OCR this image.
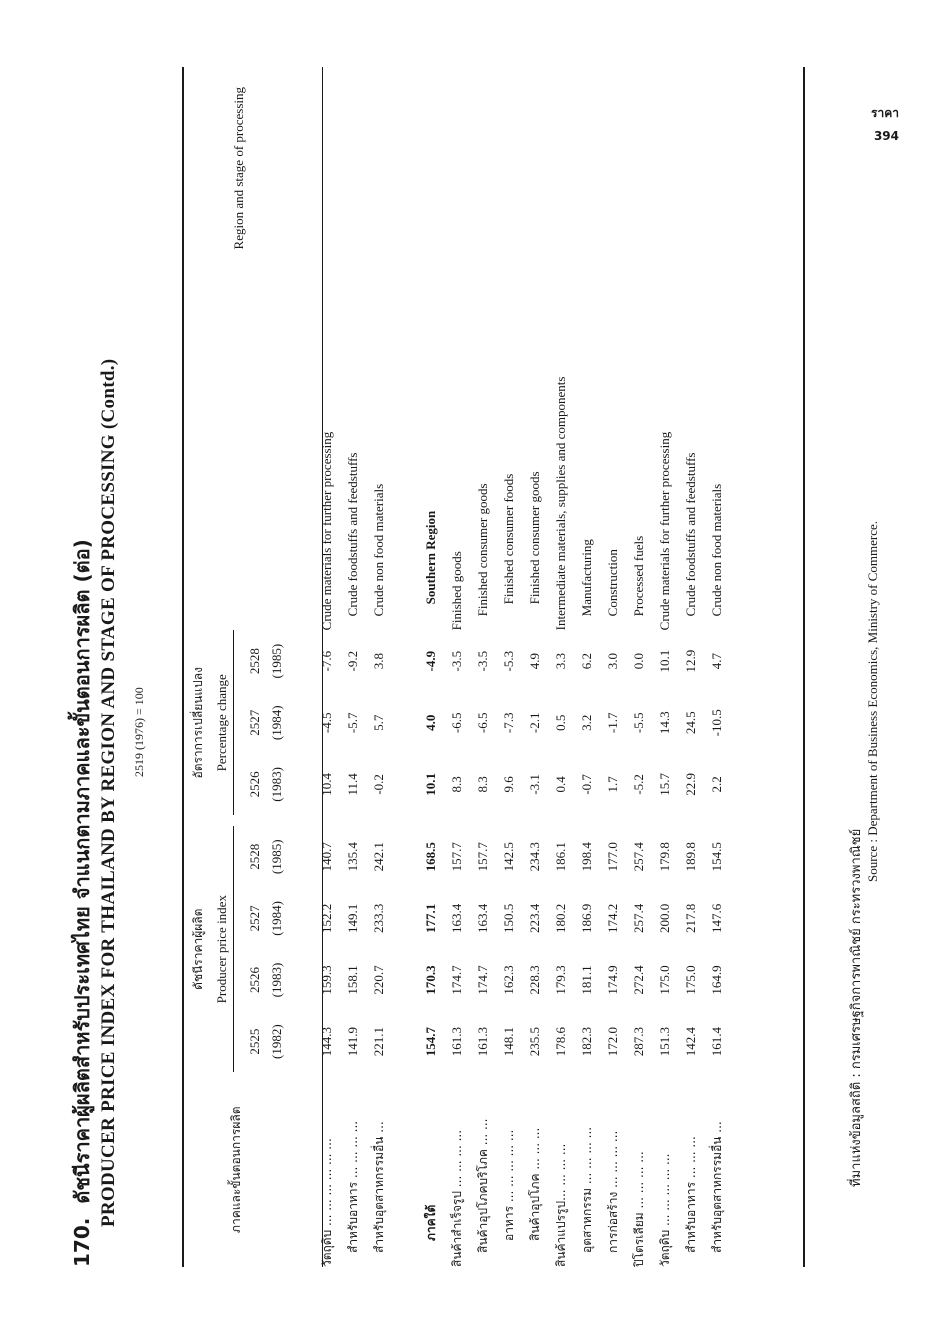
ราคา
394
170.ดัชนีราคาผู้ผลิตสำหรับประเทศไทย จำแนกตามภาคและขั้นตอนการผลิต (ต่อ) PRODUCER PRICE INDEX FOR THAILAND BY REGION AND STAGE OF PROCESSING (Contd.) 2519 (1976) = 100
ภาคและขั้นตอนการผลิต	ดัชนีราคาผู้ผลิต					อัตราการเปลี่ยนแปลง			Region and stage of processing
	Producer price index					Percentage change			

	2525	2526	2527	2528		2526	2527	2528	
	(1982)	(1983)	(1984)	(1985)		(1983)	(1984)	(1985)	

วัตถุดิบ ... ... ... ... ... ...	144.3	159.3	152.2	140.7		10.4	-4.5	-7.6	Crude materials for further processing
สำหรับอาหาร ... ... ... ...	141.9	158.1	149.1	135.4		11.4	-5.7	-9.2	Crude foodstuffs and feedstuffs
สำหรับอุตสาหกรรมอื่น ...	221.1	220.7	233.3	242.1		-0.2	5.7	3.8	Crude non food materials

ภาคใต้	154.7	170.3	177.1	168.5		10.1	4.0	-4.9	Southern Region
สินค้าสำเร็จรูป ... ... ... ...	161.3	174.7	163.4	157.7		8.3	-6.5	-3.5	Finished goods
สินค้าอุปโภคบริโภค ... ...	161.3	174.7	163.4	157.7		8.3	-6.5	-3.5	Finished consumer goods
อาหาร ... ... ... ... ...	148.1	162.3	150.5	142.5		9.6	-7.3	-5.3	Finished consumer foods
สินค้าอุปโภค ... ... ...	235.5	228.3	223.4	234.3		-3.1	-2.1	4.9	Finished consumer goods
สินค้าแปรรูป... ... ... ...	178.6	179.3	180.2	186.1		0.4	0.5	3.3	Intermediate materials, supplies and components
อุตสาหกรรม ... ... ... ...	182.3	181.1	186.9	198.4		-0.7	3.2	6.2	Manufacturing
การก่อสร้าง ... ... ... ...	172.0	174.9	174.2	177.0		1.7	-1.7	3.0	Construction
ปิโตรเลียม ... ... ... ...	287.3	272.4	257.4	257.4		-5.2	-5.5	0.0	Processed fuels
วัตถุดิบ ... ... ... ... ...	151.3	175.0	200.0	179.8		15.7	14.3	10.1	Crude materials for further processing
สำหรับอาหาร ... ... ...	142.4	175.0	217.8	189.8		22.9	24.5	12.9	Crude foodstuffs and feedstuffs
สำหรับอุตสาหกรรมอื่น ...	161.4	164.9	147.6	154.5		2.2	-10.5	4.7	Crude non food materials
ที่มาแห่งข้อมูลสถิติ : กรมเศรษฐกิจการพาณิชย์ กระทรวงพาณิชย์
Source : Department of Business Economics, Ministry of Commerce.
